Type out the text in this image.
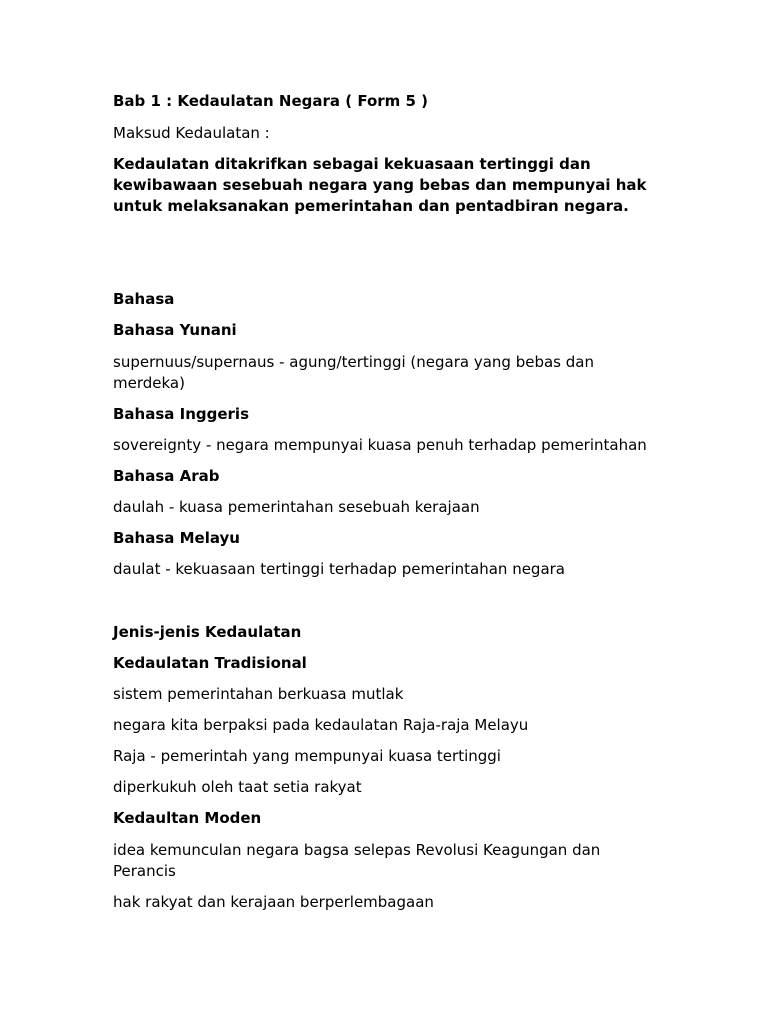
Bab 1 : Kedaulatan Negara ( Form 5 )

Maksud Kedaulatan :

Kedaulatan ditakrifkan sebagai kekuasaan tertinggi dan

kewibawaan sesebuah negara yang bebas dan mempunyai hak

untuk melaksanakan pemerintahan dan pentadbiran negara.

Bahasa

Bahasa Yunani

supernuus/supernaus - agung/tertinggi (negara yang bebas dan

merdeka)

Bahasa Inggeris

sovereignty - negara mempunyai kuasa penuh terhadap pemerintahan

Bahasa Arab

daulah - kuasa pemerintahan sesebuah kerajaan

Bahasa Melayu

daulat - kekuasaan tertinggi terhadap pemerintahan negara

Jenis-jenis Kedaulatan

Kedaulatan Tradisional

sistem pemerintahan berkuasa mutlak

negara kita berpaksi pada kedaulatan Raja-raja Melayu

Raja - pemerintah yang mempunyai kuasa tertinggi

diperkukuh oleh taat setia rakyat

Kedaultan Moden

idea kemunculan negara bagsa selepas Revolusi Keagungan dan

Perancis

hak rakyat dan kerajaan berperlembagaan
